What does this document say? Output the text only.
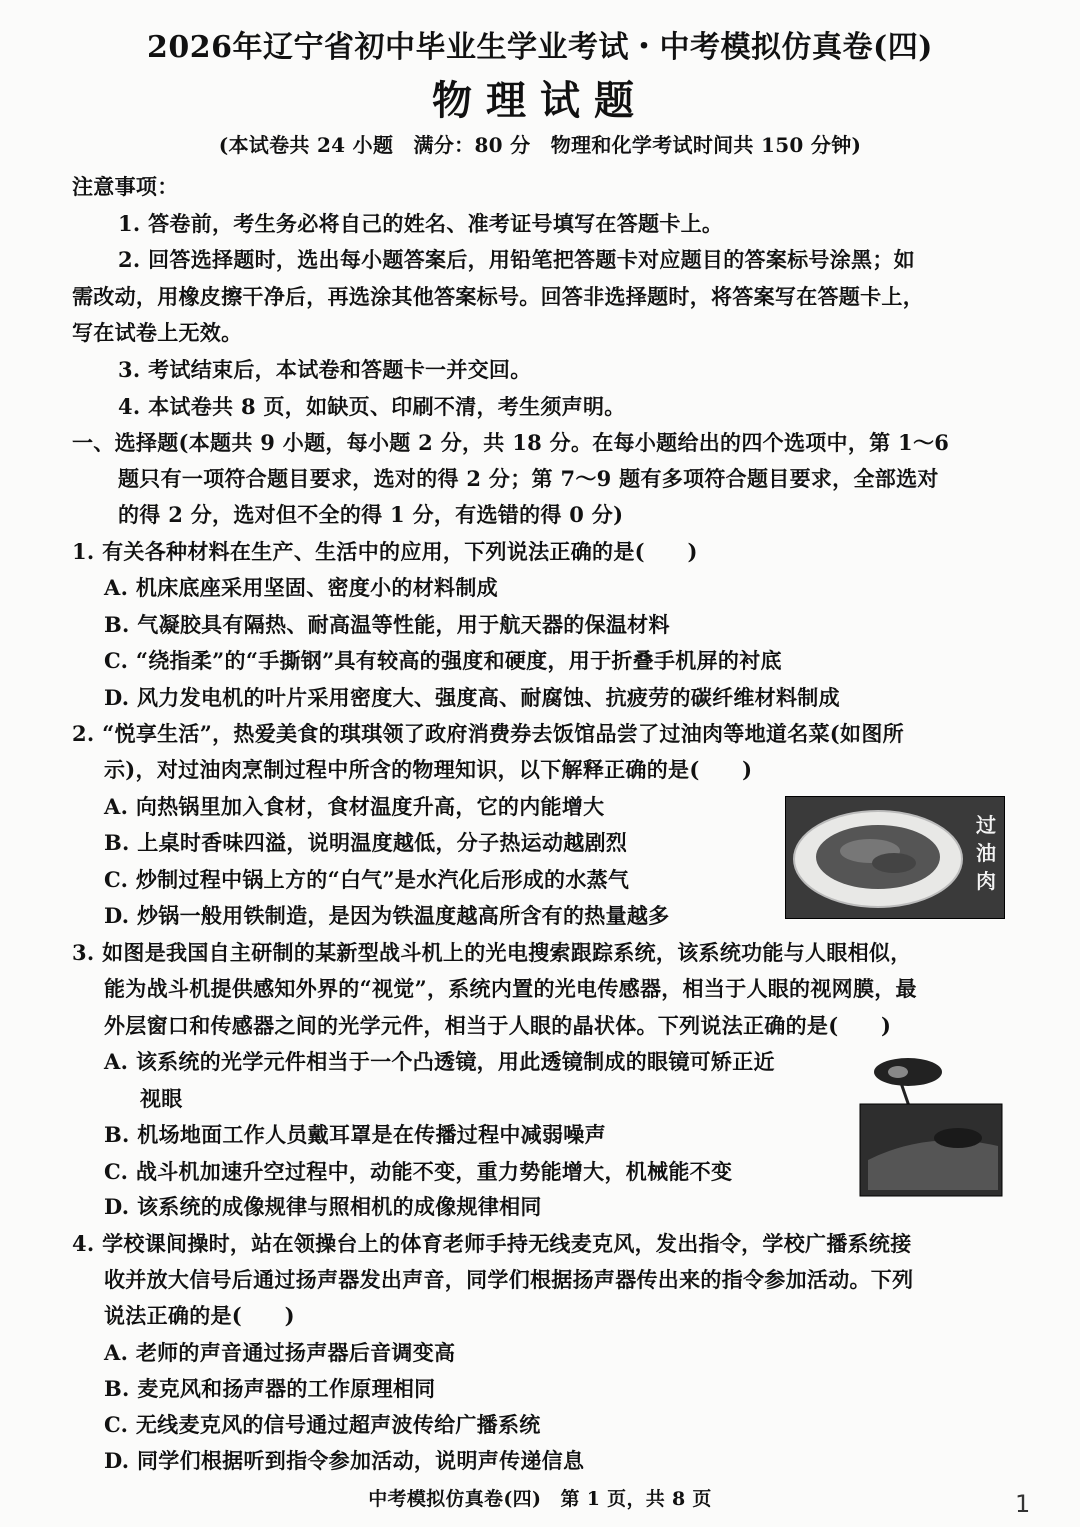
2026年辽宁省初中毕业生学业考试・中考模拟仿真卷(四)
物理试题
(本试卷共 24 小题　满分：80 分　物理和化学考试时间共 150 分钟)
注意事项：
1. 答卷前，考生务必将自己的姓名、准考证号填写在答题卡上。
2. 回答选择题时，选出每小题答案后，用铅笔把答题卡对应题目的答案标号涂黑；如
需改动，用橡皮擦干净后，再选涂其他答案标号。回答非选择题时，将答案写在答题卡上，
写在试卷上无效。
3. 考试结束后，本试卷和答题卡一并交回。
4. 本试卷共 8 页，如缺页、印刷不清，考生须声明。
一、选择题(本题共 9 小题，每小题 2 分，共 18 分。在每小题给出的四个选项中，第 1～6
题只有一项符合题目要求，选对的得 2 分；第 7～9 题有多项符合题目要求，全部选对
的得 2 分，选对但不全的得 1 分，有选错的得 0 分)
1. 有关各种材料在生产、生活中的应用，下列说法正确的是(　　)
A. 机床底座采用坚固、密度小的材料制成
B. 气凝胶具有隔热、耐高温等性能，用于航天器的保温材料
C. “绕指柔”的“手撕钢”具有较高的强度和硬度，用于折叠手机屏的衬底
D. 风力发电机的叶片采用密度大、强度高、耐腐蚀、抗疲劳的碳纤维材料制成
2. “悦享生活”，热爱美食的琪琪领了政府消费券去饭馆品尝了过油肉等地道名菜(如图所
示)，对过油肉烹制过程中所含的物理知识，以下解释正确的是(　　)
A. 向热锅里加入食材，食材温度升高，它的内能增大
B. 上桌时香味四溢，说明温度越低，分子热运动越剧烈
C. 炒制过程中锅上方的“白气”是水汽化后形成的水蒸气
D. 炒锅一般用铁制造，是因为铁温度越高所含有的热量越多
过油肉
3. 如图是我国自主研制的某新型战斗机上的光电搜索跟踪系统，该系统功能与人眼相似，
能为战斗机提供感知外界的“视觉”，系统内置的光电传感器，相当于人眼的视网膜，最
外层窗口和传感器之间的光学元件，相当于人眼的晶状体。下列说法正确的是(　　)
A. 该系统的光学元件相当于一个凸透镜，用此透镜制成的眼镜可矫正近
视眼
B. 机场地面工作人员戴耳罩是在传播过程中减弱噪声
C. 战斗机加速升空过程中，动能不变，重力势能增大，机械能不变
D. 该系统的成像规律与照相机的成像规律相同
4. 学校课间操时，站在领操台上的体育老师手持无线麦克风，发出指令，学校广播系统接
收并放大信号后通过扬声器发出声音，同学们根据扬声器传出来的指令参加活动。下列
说法正确的是(　　)
A. 老师的声音通过扬声器后音调变高
B. 麦克风和扬声器的工作原理相同
C. 无线麦克风的信号通过超声波传给广播系统
D. 同学们根据听到指令参加活动，说明声传递信息
中考模拟仿真卷(四)　第 1 页，共 8 页	1
